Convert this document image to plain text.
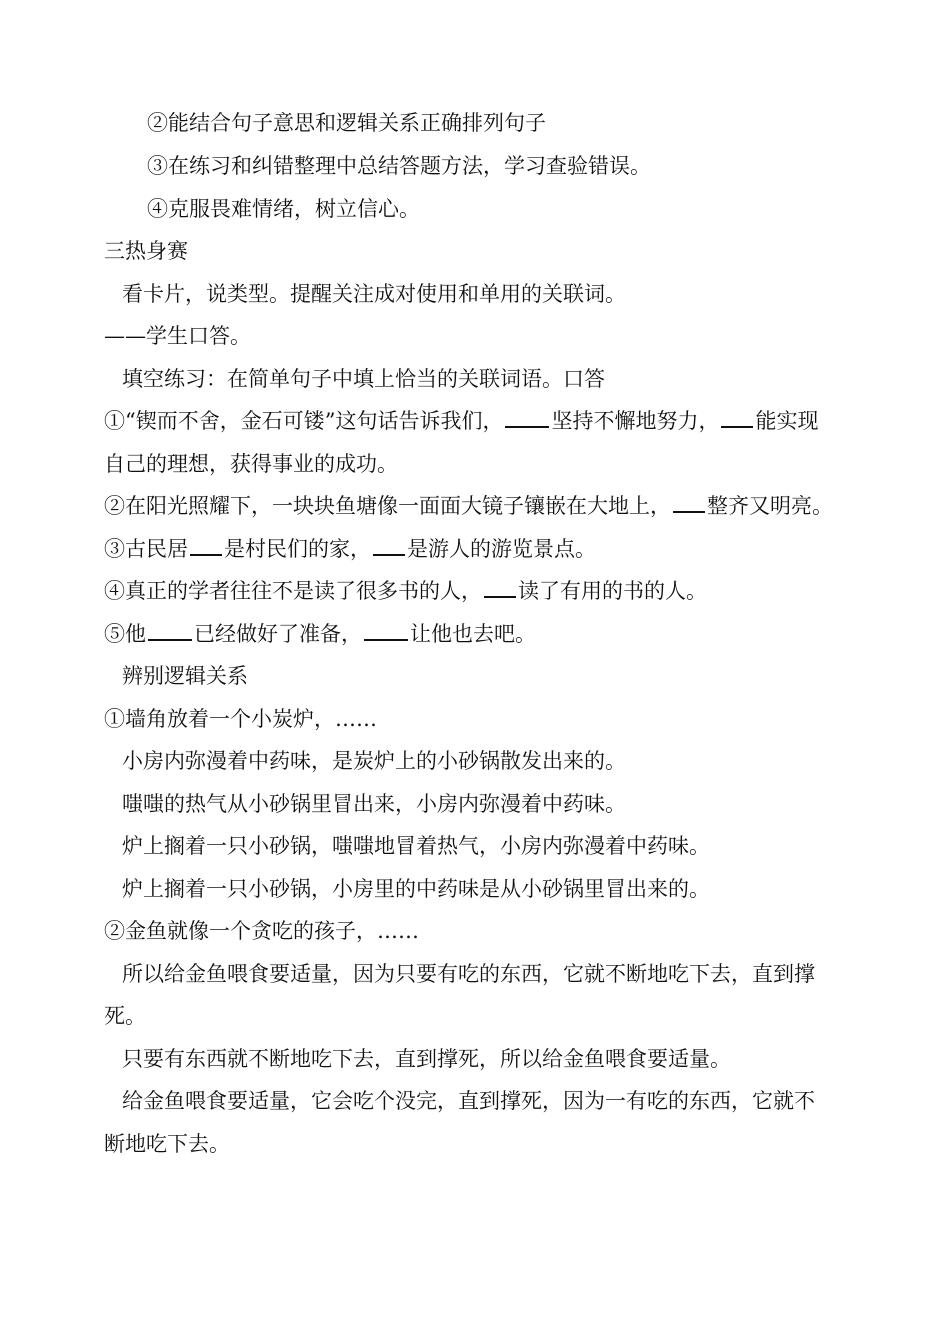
②能结合句子意思和逻辑关系正确排列句子
③在练习和纠错整理中总结答题方法，学习查验错误。
④克服畏难情绪，树立信心。
三热身赛
看卡片，说类型。提醒关注成对使用和单用的关联词。
——学生口答。
填空练习：在简单句子中填上恰当的关联词语。口答
①“锲而不舍，金石可镂”这句话告诉我们， 坚持不懈地努力， 能实现
自己的理想，获得事业的成功。
②在阳光照耀下，一块块鱼塘像一面面大镜子镶嵌在大地上， 整齐又明亮。
③古民居 是村民们的家， 是游人的游览景点。
④真正的学者往往不是读了很多书的人， 读了有用的书的人。
⑤他 已经做好了准备， 让他也去吧。
辨别逻辑关系
①墙角放着一个小炭炉，……
小房内弥漫着中药味，是炭炉上的小砂锅散发出来的。
嗤嗤的热气从小砂锅里冒出来，小房内弥漫着中药味。
炉上搁着一只小砂锅，嗤嗤地冒着热气，小房内弥漫着中药味。
炉上搁着一只小砂锅，小房里的中药味是从小砂锅里冒出来的。
②金鱼就像一个贪吃的孩子，……
所以给金鱼喂食要适量，因为只要有吃的东西，它就不断地吃下去，直到撑
死。
只要有东西就不断地吃下去，直到撑死，所以给金鱼喂食要适量。
给金鱼喂食要适量，它会吃个没完，直到撑死，因为一有吃的东西，它就不
断地吃下去。
